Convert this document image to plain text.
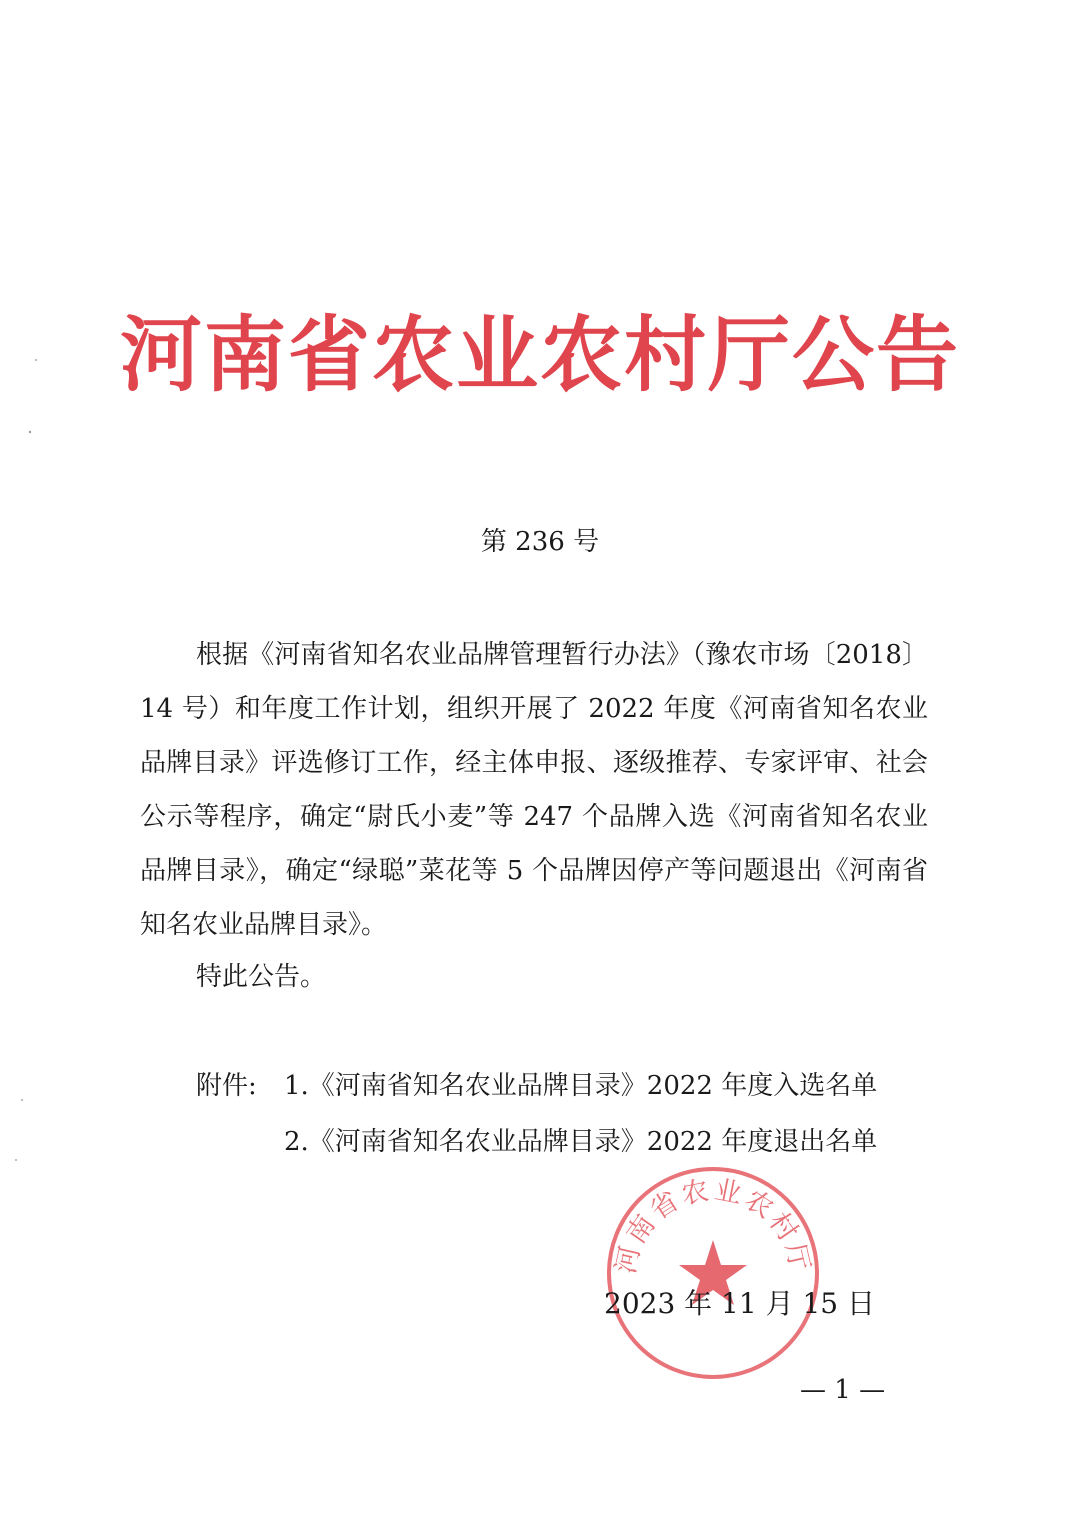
河南省农业农村厅公告
第 236 号

根据《河南省知名农业品牌管理暂行办法》（豫农市场〔2018〕14 号）和年度工作计划，组织开展了 2022 年度《河南省知名农业品牌目录》评选修订工作，经主体申报、逐级推荐、专家评审、社会公示等程序，确定“尉氏小麦”等 247 个品牌入选《河南省知名农业品牌目录》，确定“绿聪”菜花等 5 个品牌因停产等问题退出《河南省知名农业品牌目录》。

特此公告。
附件: 1.《河南省知名农业品牌目录》2022 年度入选名单
2.《河南省知名农业品牌目录》2022 年度退出名单
河南省农业农村厅
2023 年 11 月 15 日
— 1 —
